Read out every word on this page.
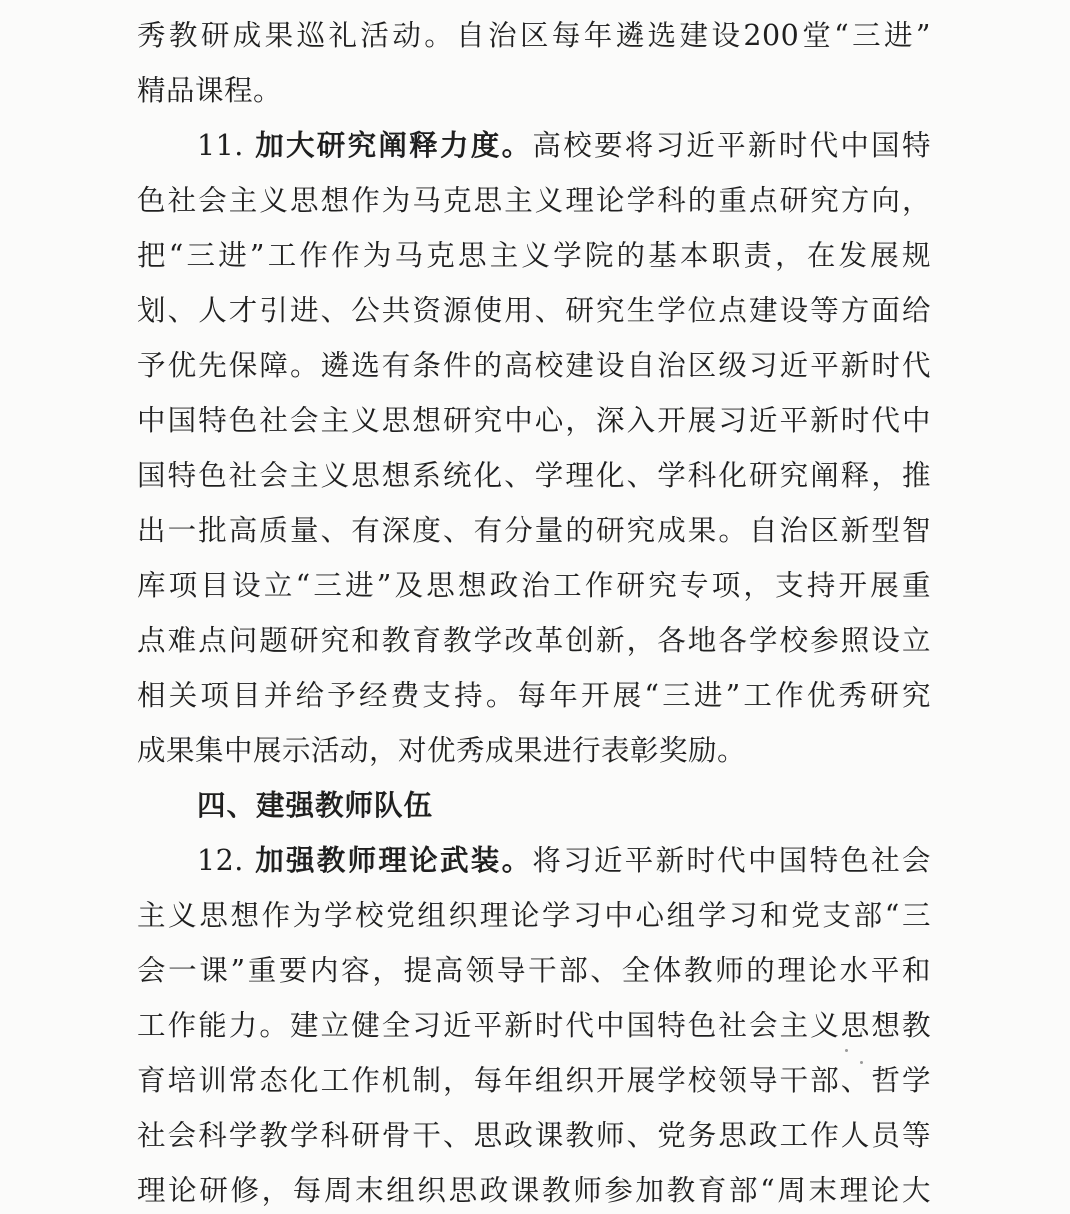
秀教研成果巡礼活动。自治区每年遴选建设200堂“三进”
精品课程。
11. 加大研究阐释力度。高校要将习近平新时代中国特
色社会主义思想作为马克思主义理论学科的重点研究方向，
把“三进”工作作为马克思主义学院的基本职责，在发展规
划、人才引进、公共资源使用、研究生学位点建设等方面给
予优先保障。遴选有条件的高校建设自治区级习近平新时代
中国特色社会主义思想研究中心，深入开展习近平新时代中
国特色社会主义思想系统化、学理化、学科化研究阐释，推
出一批高质量、有深度、有分量的研究成果。自治区新型智
库项目设立“三进”及思想政治工作研究专项，支持开展重
点难点问题研究和教育教学改革创新，各地各学校参照设立
相关项目并给予经费支持。每年开展“三进”工作优秀研究
成果集中展示活动，对优秀成果进行表彰奖励。
四、建强教师队伍
12. 加强教师理论武装。将习近平新时代中国特色社会
主义思想作为学校党组织理论学习中心组学习和党支部“三
会一课”重要内容，提高领导干部、全体教师的理论水平和
工作能力。建立健全习近平新时代中国特色社会主义思想教
育培训常态化工作机制，每年组织开展学校领导干部、哲学
社会科学教学科研骨干、思政课教师、党务思政工作人员等
理论研修，每周末组织思政课教师参加教育部“周末理论大
